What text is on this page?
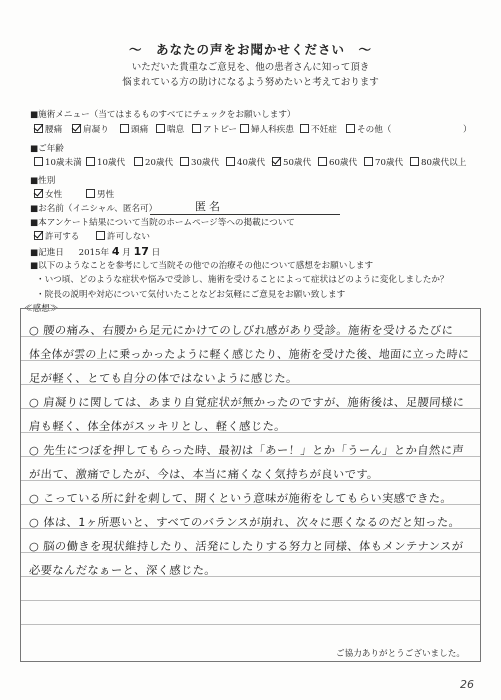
〜　あなたの声をお聞かせください　〜
いただいた貴重なご意見を、他の患者さんに知って頂き
悩まれている方の助けになるよう努めたいと考えております
■施術メニュー（当てはまるものすべてにチェックをお願いします）
腰痛	肩凝り	頭痛	喘息	アトピー	婦人科疾患	不妊症	その他（	）
■ご年齢
10歳未満	10歳代	20歳代	30歳代	40歳代	50歳代	60歳代	70歳代	80歳代以上
■性別
女性	男性
■お名前（イニシャル、匿名可）	匿名
■本アンケート結果について当院のホームページ等への掲載について
許可する	許可しない
■記進日 2015年 4 月 17 日
■以下のようなことを参考にして当院その他での治療その他について感想をお願いします
・いつ頃、どのような症状や悩みで受診し、施術を受けることによって症状はどのように変化しましたか？
・院長の説明や対応について気付いたことなどお気軽にご意見をお願い致します
≪感想≫
○ 腰の痛み、右腰から足元にかけてのしびれ感があり受診。施術を受けるたびに
体全体が雲の上に乗っかったように軽く感じたり、施術を受けた後、地面に立った時に
足が軽く、とても自分の体ではないように感じた。
○ 肩凝りに関しては、あまり自覚症状が無かったのですが、施術後は、足腰同様に
肩も軽く、体全体がスッキリとし、軽く感じた。
○ 先生につぼを押してもらった時、最初は「あー！」とか「うーん」とか自然に声
が出て、激痛でしたが、今は、本当に痛くなく気持ちが良いです。
○ こっている所に針を刺して、開くという意味が施術をしてもらい実感できた。
○ 体は、1ヶ所悪いと、すべてのバランスが崩れ、次々に悪くなるのだと知った。
○ 脳の働きを現状維持したり、活発にしたりする努力と同様、体もメンテナンスが
必要なんだなぁーと、深く感じた。
ご協力ありがとうございました。
26
